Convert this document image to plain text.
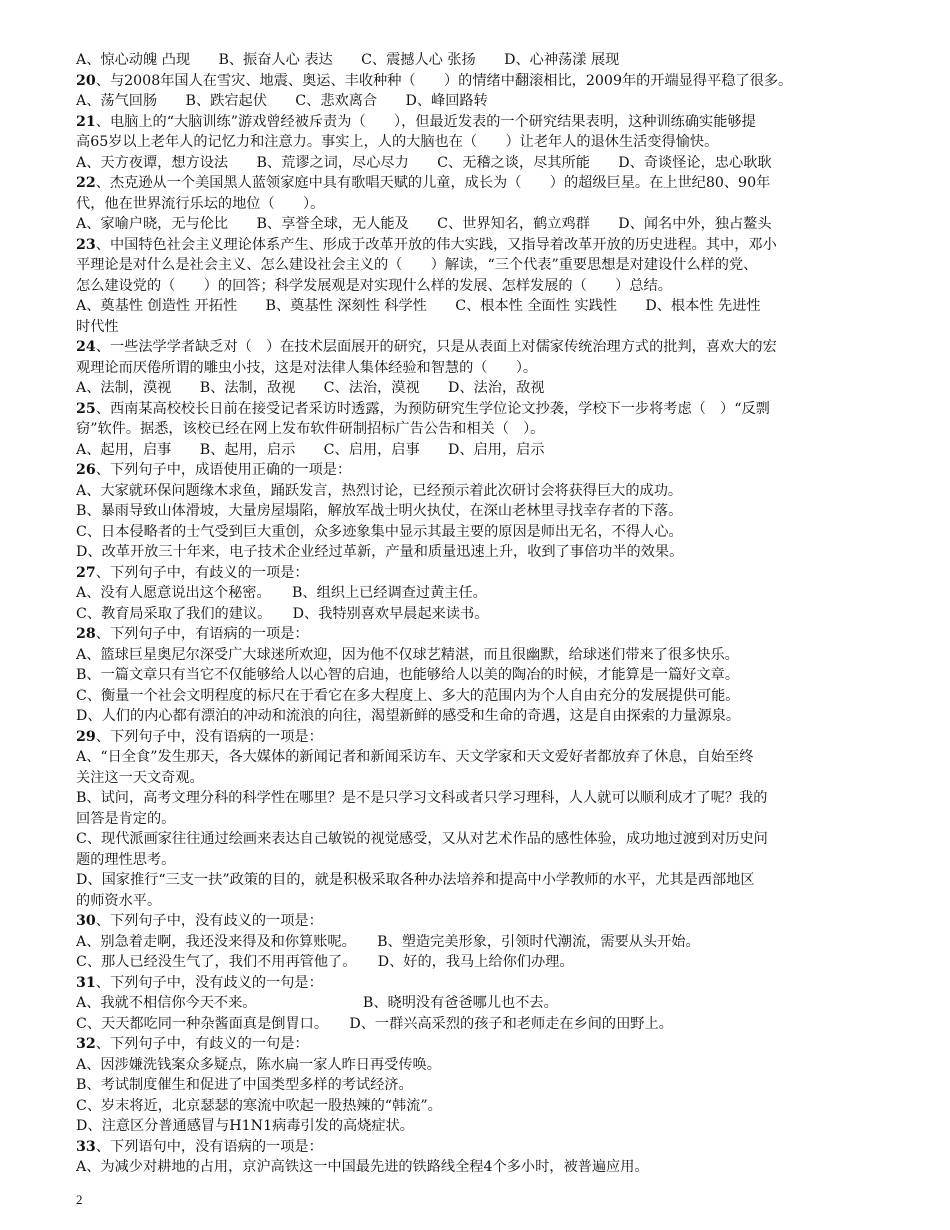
A、惊心动魄 凸现　　B、振奋人心 表达　　C、震撼人心 张扬　　D、心神荡漾 展现
20、与2008年国人在雪灾、地震、奥运、丰收种种（　　）的情绪中翻滚相比，2009年的开端显得平稳了很多。
A、荡气回肠　　B、跌宕起伏　　C、悲欢离合　　D、峰回路转
21、电脑上的“大脑训练”游戏曾经被斥责为（　　），但最近发表的一个研究结果表明，这种训练确实能够提
高65岁以上老年人的记忆力和注意力。事实上，人的大脑也在（　　）让老年人的退休生活变得愉快。
A、天方夜谭，想方设法　　B、荒谬之词，尽心尽力　　C、无稽之谈，尽其所能　　D、奇谈怪论，忠心耿耿
22、杰克逊从一个美国黑人蓝领家庭中具有歌唱天赋的儿童，成长为（　　）的超级巨星。在上世纪80、90年
代，他在世界流行乐坛的地位（　　）。
A、家喻户晓，无与伦比　　B、享誉全球，无人能及　　C、世界知名，鹤立鸡群　　D、闻名中外，独占鳌头
23、中国特色社会主义理论体系产生、形成于改革开放的伟大实践，又指导着改革开放的历史进程。其中，邓小
平理论是对什么是社会主义、怎么建设社会主义的（　　）解读，“三个代表”重要思想是对建设什么样的党、
怎么建设党的（　　）的回答；科学发展观是对实现什么样的发展、怎样发展的（　　）总结。
A、奠基性 创造性 开拓性　　B、奠基性 深刻性 科学性　　C、根本性 全面性 实践性　　D、根本性 先进性
时代性
24、一些法学学者缺乏对（　）在技术层面展开的研究，只是从表面上对儒家传统治理方式的批判，喜欢大的宏
观理论而厌倦所谓的雕虫小技，这是对法律人集体经验和智慧的（　　）。
A、法制，漠视　　B、法制，敌视　　C、法治，漠视　　D、法治，敌视
25、西南某高校校长日前在接受记者采访时透露，为预防研究生学位论文抄袭，学校下一步将考虑（　）“反剽
窃”软件。据悉，该校已经在网上发布软件研制招标广告公告和相关（　）。
A、起用，启事　　B、起用，启示　　C、启用，启事　　D、启用，启示
26、下列句子中，成语使用正确的一项是：
A、大家就环保问题缘木求鱼，踊跃发言，热烈讨论，已经预示着此次研讨会将获得巨大的成功。
B、暴雨导致山体滑坡，大量房屋塌陷，解放军战士明火执仗，在深山老林里寻找幸存者的下落。
C、日本侵略者的士气受到巨大重创，众多迹象集中显示其最主要的原因是师出无名，不得人心。
D、改革开放三十年来，电子技术企业经过革新，产量和质量迅速上升，收到了事倍功半的效果。
27、下列句子中，有歧义的一项是：
A、没有人愿意说出这个秘密。　　B、组织上已经调查过黄主任。
C、教育局采取了我们的建议。　　D、我特别喜欢早晨起来读书。
28、下列句子中，有语病的一项是：
A、篮球巨星奥尼尔深受广大球迷所欢迎，因为他不仅球艺精湛，而且很幽默，给球迷们带来了很多快乐。
B、一篇文章只有当它不仅能够给人以心智的启迪，也能够给人以美的陶冶的时候，才能算是一篇好文章。
C、衡量一个社会文明程度的标尺在于看它在多大程度上、多大的范围内为个人自由充分的发展提供可能。
D、人们的内心都有漂泊的冲动和流浪的向往，渴望新鲜的感受和生命的奇遇，这是自由探索的力量源泉。
29、下列句子中，没有语病的一项是：
A、“日全食”发生那天，各大媒体的新闻记者和新闻采访车、天文学家和天文爱好者都放弃了休息，自始至终
关注这一天文奇观。
B、试问，高考文理分科的科学性在哪里？是不是只学习文科或者只学习理科，人人就可以顺利成才了呢？我的
回答是肯定的。
C、现代派画家往往通过绘画来表达自己敏锐的视觉感受，又从对艺术作品的感性体验，成功地过渡到对历史问
题的理性思考。
D、国家推行“三支一扶”政策的目的，就是积极采取各种办法培养和提高中小学教师的水平，尤其是西部地区
的师资水平。
30、下列句子中，没有歧义的一项是：
A、别急着走啊，我还没来得及和你算账呢。　　B、塑造完美形象，引领时代潮流，需要从头开始。
C、那人已经没生气了，我们不用再管他了。　　D、好的，我马上给你们办理。
31、下列句子中，没有歧义的一句是：
A、我就不相信你今天不来。　　　　　　　　B、晓明没有爸爸哪儿也不去。
C、天天都吃同一种杂酱面真是倒胃口。　　D、一群兴高采烈的孩子和老师走在乡间的田野上。
32、下列句子中，有歧义的一句是：
A、因涉嫌洗钱案众多疑点，陈水扁一家人昨日再受传唤。
B、考试制度催生和促进了中国类型多样的考试经济。
C、岁末将近，北京瑟瑟的寒流中吹起一股热辣的“韩流”。
D、注意区分普通感冒与H1N1病毒引发的高烧症状。
33、下列语句中，没有语病的一项是：
A、为减少对耕地的占用，京沪高铁这一中国最先进的铁路线全程4个多小时，被普遍应用。
2
